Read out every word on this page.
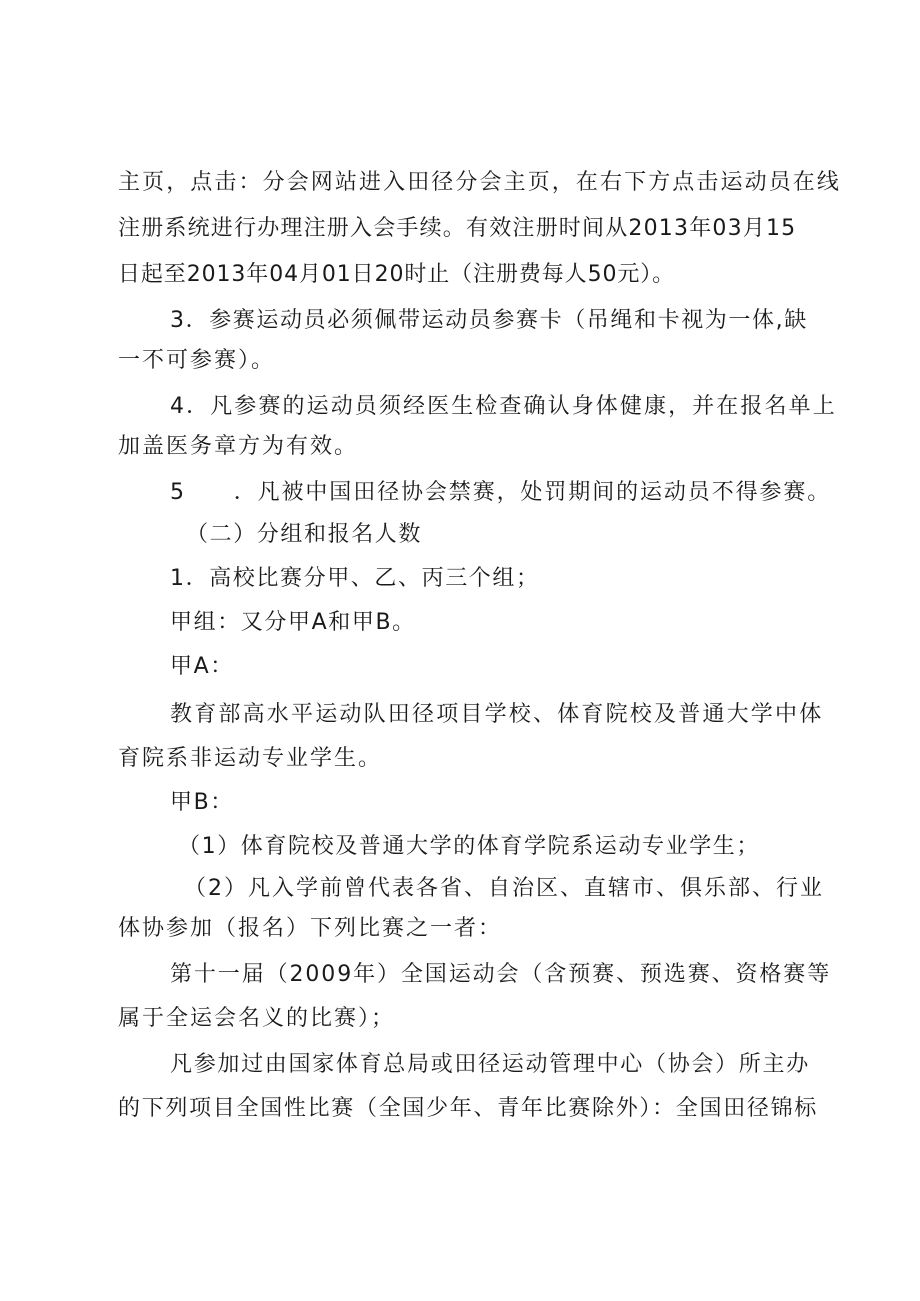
主页，点击：分会网站进入田径分会主页，在右下方点击运动员在线
注册系统进行办理注册入会手续。有效注册时间从2013年03月15
日起至2013年04月01日20时止（注册费每人50元）。
3．参赛运动员必须佩带运动员参赛卡（吊绳和卡视为一体,缺
一不可参赛）。
4．凡参赛的运动员须经医生检查确认身体健康，并在报名单上
加盖医务章方为有效。
5　　．凡被中国田径协会禁赛，处罚期间的运动员不得参赛。
（二）分组和报名人数
1．高校比赛分甲、乙、丙三个组；
甲组：又分甲A和甲B。
甲A：
教育部高水平运动队田径项目学校、体育院校及普通大学中体
育院系非运动专业学生。
甲B：
（1）体育院校及普通大学的体育学院系运动专业学生；
（2）凡入学前曾代表各省、自治区、直辖市、俱乐部、行业
体协参加（报名）下列比赛之一者：
第十一届（2009年）全国运动会（含预赛、预选赛、资格赛等
属于全运会名义的比赛）；
凡参加过由国家体育总局或田径运动管理中心（协会）所主办
的下列项目全国性比赛（全国少年、青年比赛除外）：全国田径锦标
